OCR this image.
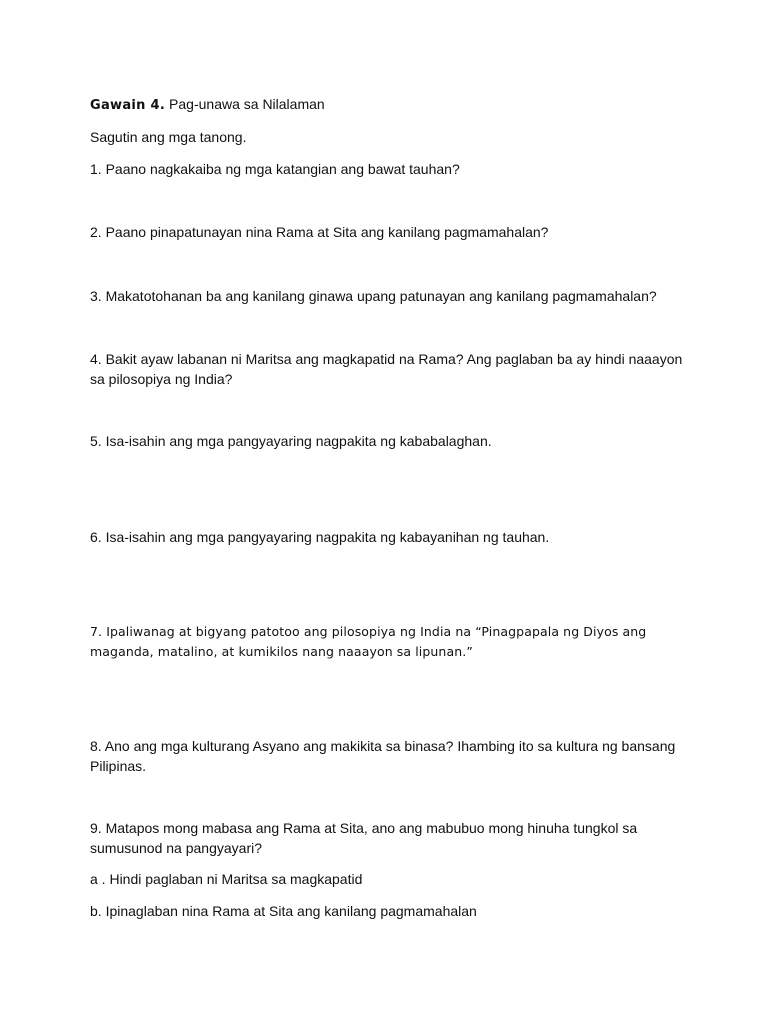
Gawain 4. Pag-unawa sa Nilalaman
Sagutin ang mga tanong.
1. Paano nagkakaiba ng mga katangian ang bawat tauhan?
2. Paano pinapatunayan nina Rama at Sita ang kanilang pagmamahalan?
3. Makatotohanan ba ang kanilang ginawa upang patunayan ang kanilang pagmamahalan?
4. Bakit ayaw labanan ni Maritsa ang magkapatid na Rama? Ang paglaban ba ay hindi naaayon
sa pilosopiya ng India?
5. Isa-isahin ang mga pangyayaring nagpakita ng kababalaghan.
6. Isa-isahin ang mga pangyayaring nagpakita ng kabayanihan ng tauhan.
7. Ipaliwanag at bigyang patotoo ang pilosopiya ng India na “Pinagpapala ng Diyos ang
maganda, matalino, at kumikilos nang naaayon sa lipunan.”
8. Ano ang mga kulturang Asyano ang makikita sa binasa? Ihambing ito sa kultura ng bansang
Pilipinas.
9. Matapos mong mabasa ang Rama at Sita, ano ang mabubuo mong hinuha tungkol sa
sumusunod na pangyayari?
a . Hindi paglaban ni Maritsa sa magkapatid
b. Ipinaglaban nina Rama at Sita ang kanilang pagmamahalan
